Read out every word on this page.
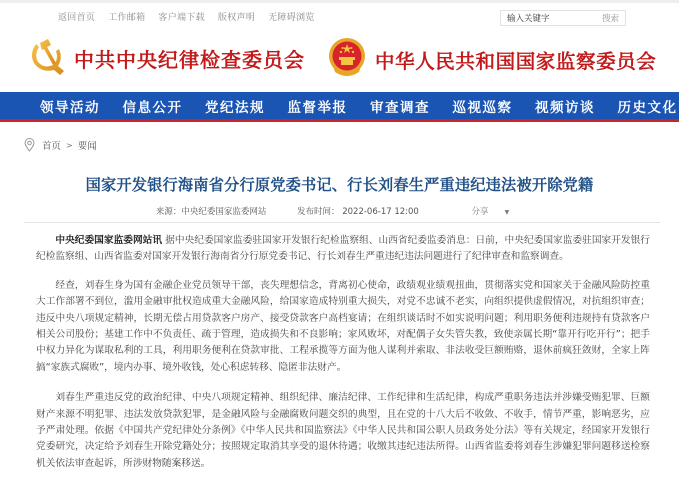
返回首页 工作邮箱 客户端下载 版权声明 无障碍浏览
输入关键字	搜索
中共中央纪律检查委员会	中华人民共和国国家监察委员会
领导活动 信息公开 党纪法规 监督举报 审查调查 巡视巡察 视频访谈 历史文化
首页 > 要闻
国家开发银行海南省分行原党委书记、行长刘春生严重违纪违法被开除党籍
来源：中央纪委国家监委网站	发布时间： 2022-06-17 12:00	分享	▼

中央纪委国家监委网站讯 据中央纪委国家监委驻国家开发银行纪检监察组、山西省纪委监委消息：日前，中央纪委国家监委驻国家开发银行纪检监察组、山西省监委对国家开发银行海南省分行原党委书记、行长刘春生严重违纪违法问题进行了纪律审查和监察调查。

经查，刘春生身为国有金融企业党员领导干部，丧失理想信念，背离初心使命，政绩观业绩观扭曲，贯彻落实党和国家关于金融风险防控重大工作部署不到位，滥用金融审批权造成重大金融风险，给国家造成特别重大损失，对党不忠诚不老实，向组织提供虚假情况，对抗组织审查；违反中央八项规定精神，长期无偿占用贷款客户房产、接受贷款客户高档宴请；在组织谈话时不如实说明问题；利用职务便利违规持有贷款客户相关公司股份；基建工作中不负责任、疏于管理，造成损失和不良影响；家风败坏，对配偶子女失管失教，致使亲属长期“靠开行吃开行”；把手中权力异化为谋取私利的工具，利用职务便利在贷款审批、工程承揽等方面为他人谋利并索取、非法收受巨额贿赂，退休前疯狂敛财，全家上阵搞“家族式腐败”，境内办事、境外收钱，处心积虑转移、隐匿非法财产。

刘春生严重违反党的政治纪律、中央八项规定精神、组织纪律、廉洁纪律、工作纪律和生活纪律，构成严重职务违法并涉嫌受贿犯罪、巨额财产来源不明犯罪、违法发放贷款犯罪，是金融风险与金融腐败问题交织的典型，且在党的十八大后不收敛、不收手，情节严重，影响恶劣，应予严肃处理。依据《中国共产党纪律处分条例》《中华人民共和国监察法》《中华人民共和国公职人员政务处分法》等有关规定，经国家开发银行党委研究，决定给予刘春生开除党籍处分；按照规定取消其享受的退休待遇；收缴其违纪违法所得。山西省监委将刘春生涉嫌犯罪问题移送检察机关依法审查起诉，所涉财物随案移送。
